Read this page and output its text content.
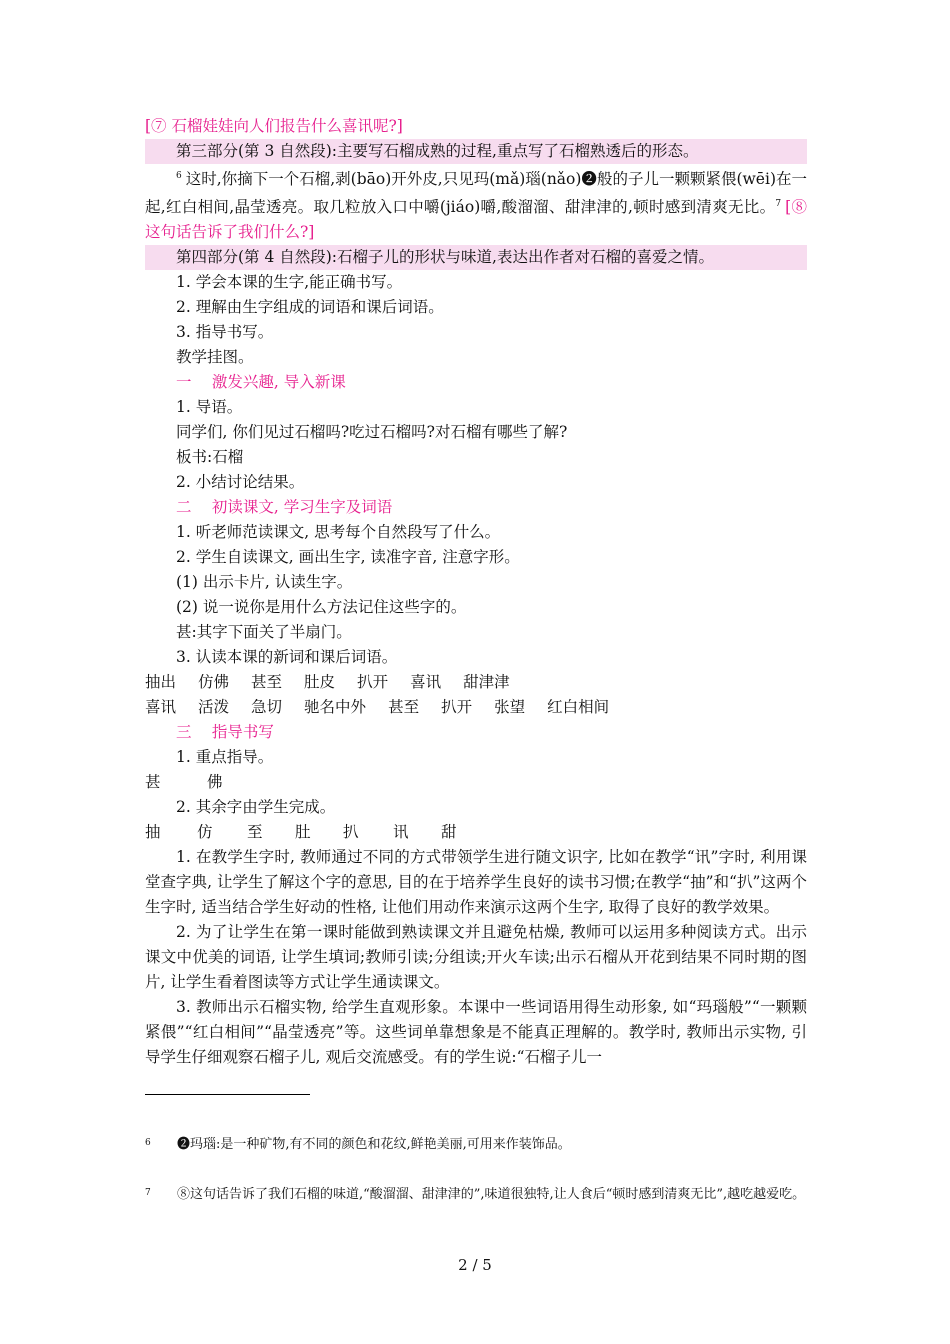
[⑦ 石榴娃娃向人们报告什么喜讯呢?]
第三部分(第 3 自然段):主要写石榴成熟的过程,重点写了石榴熟透后的形态。

$^6$ 这时,你摘下一个石榴,剥(bāo)开外皮,只见玛(mǎ)瑙(nǎo)❷般的子儿一颗颗紧偎(wēi)在一起,红白相间,晶莹透亮。取几粒放入口中嚼(jiáo)嚼,酸溜溜、甜津津的,顿时感到清爽无比。$^7$ [⑧ 这句话告诉了我们什么?]

第四部分(第 4 自然段):石榴子儿的形状与味道,表达出作者对石榴的喜爱之情。
1. 学会本课的生字,能正确书写。
2. 理解由生字组成的词语和课后词语。
3. 指导书写。
教学挂图。
一　 激发兴趣, 导入新课
1. 导语。
同学们, 你们见过石榴吗?吃过石榴吗?对石榴有哪些了解?
板书:石榴
2. 小结讨论结果。
二　 初读课文, 学习生字及词语
1. 听老师范读课文, 思考每个自然段写了什么。
2. 学生自读课文, 画出生字, 读准字音, 注意字形。
(1) 出示卡片, 认读生字。
(2) 说一说你是用什么方法记住这些字的。
甚:其字下面关了半扇门。
3. 认读本课的新词和课后词语。
抽出 仿佛 甚至 肚皮 扒开 喜讯 甜津津
喜讯 活泼 急切 驰名中外 甚至 扒开 张望 红白相间
三　 指导书写
1. 重点指导。
甚	佛
2. 其余字由学生完成。
抽 仿 至 肚 扒 讯 甜

1. 在教学生字时, 教师通过不同的方式带领学生进行随文识字, 比如在教学“讯”字时, 利用课堂查字典, 让学生了解这个字的意思, 目的在于培养学生良好的读书习惯;在教学“抽”和“扒”这两个生字时, 适当结合学生好动的性格, 让他们用动作来演示这两个生字, 取得了良好的教学效果。

2. 为了让学生在第一课时能做到熟读课文并且避免枯燥, 教师可以运用多种阅读方式。出示课文中优美的词语, 让学生填词;教师引读;分组读;开火车读;出示石榴从开花到结果不同时期的图片, 让学生看着图读等方式让学生通读课文。

3. 教师出示石榴实物, 给学生直观形象。本课中一些词语用得生动形象, 如“玛瑙般”“一颗颗紧偎”“红白相间”“晶莹透亮”等。这些词单靠想象是不能真正理解的。教学时, 教师出示实物, 引导学生仔细观察石榴子儿, 观后交流感受。有的学生说:“石榴子儿一

6 ❷玛瑙:是一种矿物,有不同的颜色和花纹,鲜艳美丽,可用来作装饰品。
7 ⑧这句话告诉了我们石榴的味道,“酸溜溜、甜津津的”,味道很独特,让人食后“顿时感到清爽无比”,越吃越爱吃。
2 / 5
